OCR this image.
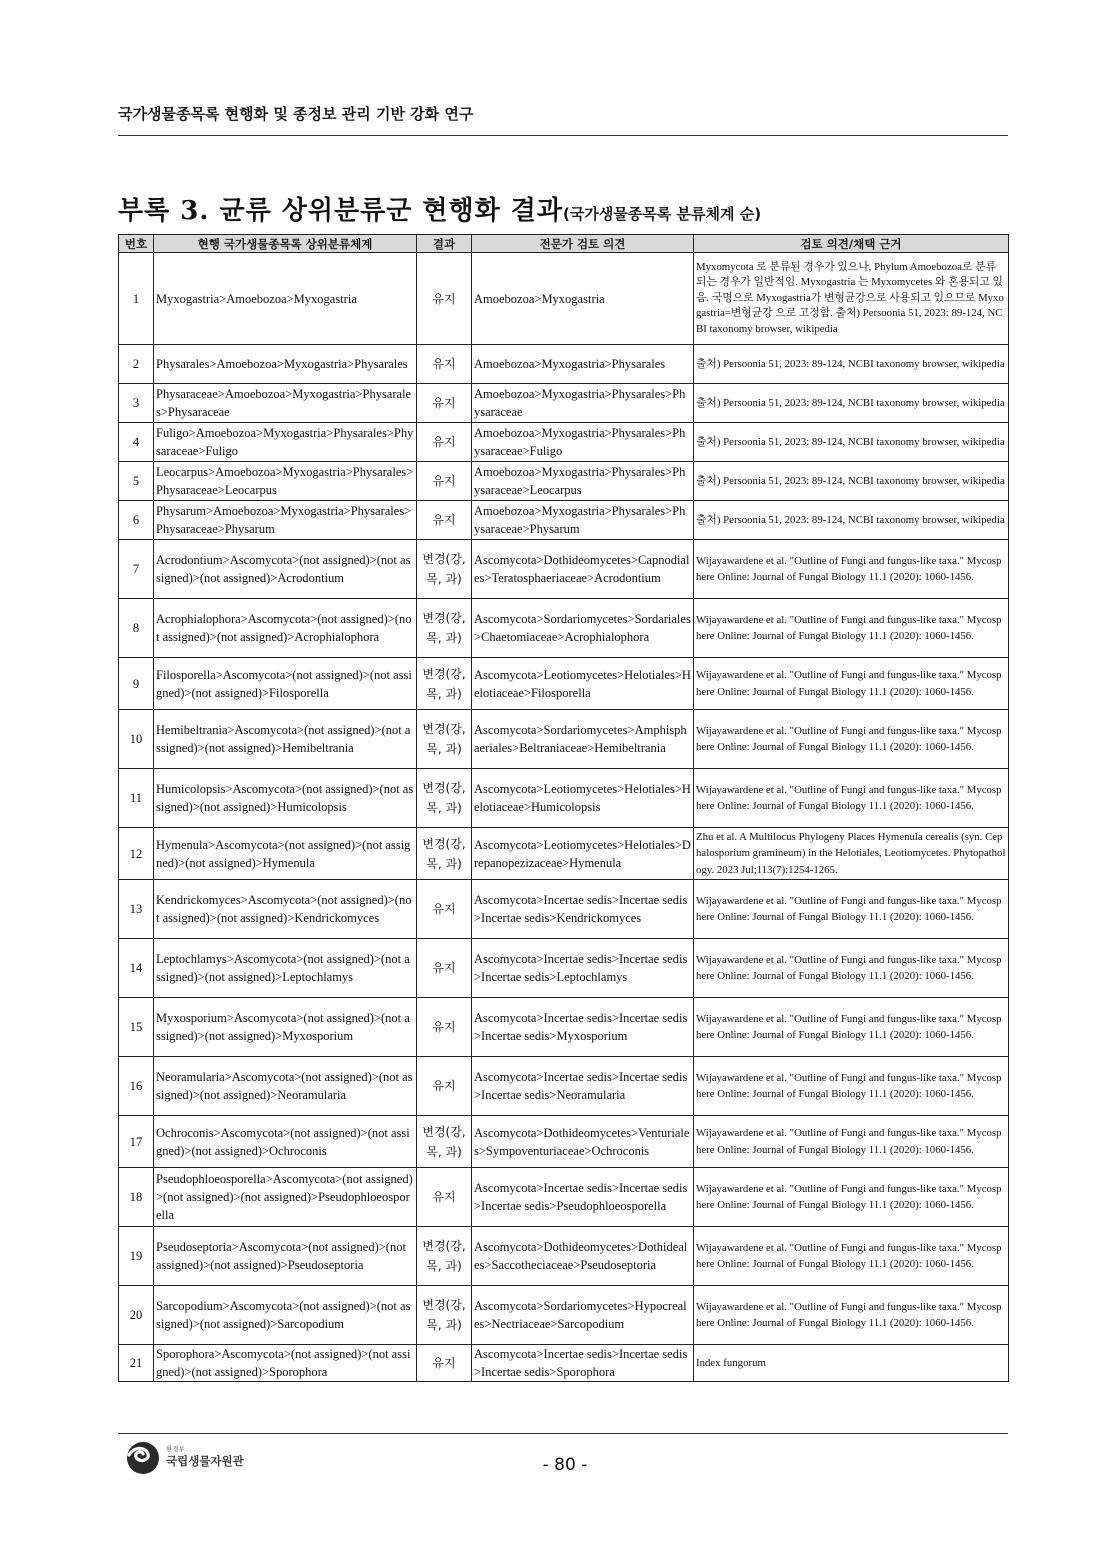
국가생물종목록 현행화 및 종정보 관리 기반 강화 연구
부록 3. 균류 상위분류군 현행화 결과(국가생물종목록 분류체계 순)
번호	현행 국가생물종목록 상위분류체계	결과	전문가 검토 의견	검토 의견/채택 근거
1	Myxogastria>Amoebozoa>Myxogastria	유지	Amoebozoa>Myxogastria	Myxomycota 로 분류된 경우가 있으나, Phylum Amoebozoa로 분류되는 경우가 일반적임. Myxogastria 는 Myxomycetes 와 혼용되고 있음. 국명으로 Myxogastria가 변형균강으로 사용되고 있으므로 Myxogastria=변형균강 으로 고정함. 출처) Persoonia 51, 2023: 89-124, NCBI taxonomy browser, wikipedia
2	Physarales>Amoebozoa>Myxogastria>Physarales	유지	Amoebozoa>Myxogastria>Physarales	출처) Persoonia 51, 2023: 89-124, NCBI taxonomy browser, wikipedia
3	Physaraceae>Amoebozoa>Myxogastria>Physarales>Physaraceae	유지	Amoebozoa>Myxogastria>Physarales>Physaraceae	출처) Persoonia 51, 2023: 89-124, NCBI taxonomy browser, wikipedia
4	Fuligo>Amoebozoa>Myxogastria>Physarales>Physaraceae>Fuligo	유지	Amoebozoa>Myxogastria>Physarales>Physaraceae>Fuligo	출처) Persoonia 51, 2023: 89-124, NCBI taxonomy browser, wikipedia
5	Leocarpus>Amoebozoa>Myxogastria>Physarales>Physaraceae>Leocarpus	유지	Amoebozoa>Myxogastria>Physarales>Physaraceae>Leocarpus	출처) Persoonia 51, 2023: 89-124, NCBI taxonomy browser, wikipedia
6	Physarum>Amoebozoa>Myxogastria>Physarales>Physaraceae>Physarum	유지	Amoebozoa>Myxogastria>Physarales>Physaraceae>Physarum	출처) Persoonia 51, 2023: 89-124, NCBI taxonomy browser, wikipedia
7	Acrodontium>Ascomycota>(not assigned)>(not assigned)>(not assigned)>Acrodontium	변경(강, 목, 과)	Ascomycota>Dothideomycetes>Capnodiales>Teratosphaeriaceae>Acrodontium	Wijayawardene et al. "Outline of Fungi and fungus-like taxa." Mycosphere Online: Journal of Fungal Biology 11.1 (2020): 1060-1456.
8	Acrophialophora>Ascomycota>(not assigned)>(not assigned)>(not assigned)>Acrophialophora	변경(강, 목, 과)	Ascomycota>Sordariomycetes>Sordariales>Chaetomiaceae>Acrophialophora	Wijayawardene et al. "Outline of Fungi and fungus-like taxa." Mycosphere Online: Journal of Fungal Biology 11.1 (2020): 1060-1456.
9	Filosporella>Ascomycota>(not assigned)>(not assigned)>(not assigned)>Filosporella	변경(강, 목, 과)	Ascomycota>Leotiomycetes>Helotiales>Helotiaceae>Filosporella	Wijayawardene et al. "Outline of Fungi and fungus-like taxa." Mycosphere Online: Journal of Fungal Biology 11.1 (2020): 1060-1456.
10	Hemibeltrania>Ascomycota>(not assigned)>(not assigned)>(not assigned)>Hemibeltrania	변경(강, 목, 과)	Ascomycota>Sordariomycetes>Amphisphaeriales>Beltraniaceae>Hemibeltrania	Wijayawardene et al. "Outline of Fungi and fungus-like taxa." Mycosphere Online: Journal of Fungal Biology 11.1 (2020): 1060-1456.
11	Humicolopsis>Ascomycota>(not assigned)>(not assigned)>(not assigned)>Humicolopsis	변경(강, 목, 과)	Ascomycota>Leotiomycetes>Helotiales>Helotiaceae>Humicolopsis	Wijayawardene et al. "Outline of Fungi and fungus-like taxa." Mycosphere Online: Journal of Fungal Biology 11.1 (2020): 1060-1456.
12	Hymenula>Ascomycota>(not assigned)>(not assigned)>(not assigned)>Hymenula	변경(강, 목, 과)	Ascomycota>Leotiomycetes>Helotiales>Drepanopezizaceae>Hymenula	Zhu et al. A Multilocus Phylogeny Places Hymenula cerealis (syn. Cephalosporium gramineum) in the Helotiales, Leotiomycetes. Phytopathology. 2023 Jul;113(7):1254-1265.
13	Kendrickomyces>Ascomycota>(not assigned)>(not assigned)>(not assigned)>Kendrickomyces	유지	Ascomycota>Incertae sedis>Incertae sedis>Incertae sedis>Kendrickomyces	Wijayawardene et al. "Outline of Fungi and fungus-like taxa." Mycosphere Online: Journal of Fungal Biology 11.1 (2020): 1060-1456.
14	Leptochlamys>Ascomycota>(not assigned)>(not assigned)>(not assigned)>Leptochlamys	유지	Ascomycota>Incertae sedis>Incertae sedis>Incertae sedis>Leptochlamys	Wijayawardene et al. "Outline of Fungi and fungus-like taxa." Mycosphere Online: Journal of Fungal Biology 11.1 (2020): 1060-1456.
15	Myxosporium>Ascomycota>(not assigned)>(not assigned)>(not assigned)>Myxosporium	유지	Ascomycota>Incertae sedis>Incertae sedis>Incertae sedis>Myxosporium	Wijayawardene et al. "Outline of Fungi and fungus-like taxa." Mycosphere Online: Journal of Fungal Biology 11.1 (2020): 1060-1456.
16	Neoramularia>Ascomycota>(not assigned)>(not assigned)>(not assigned)>Neoramularia	유지	Ascomycota>Incertae sedis>Incertae sedis>Incertae sedis>Neoramularia	Wijayawardene et al. "Outline of Fungi and fungus-like taxa." Mycosphere Online: Journal of Fungal Biology 11.1 (2020): 1060-1456.
17	Ochroconis>Ascomycota>(not assigned)>(not assigned)>(not assigned)>Ochroconis	변경(강, 목, 과)	Ascomycota>Dothideomycetes>Venturiales>Sympoventuriaceae>Ochroconis	Wijayawardene et al. "Outline of Fungi and fungus-like taxa." Mycosphere Online: Journal of Fungal Biology 11.1 (2020): 1060-1456.
18	Pseudophloeosporella>Ascomycota>(not assigned)>(not assigned)>(not assigned)>Pseudophloeosporella	유지	Ascomycota>Incertae sedis>Incertae sedis>Incertae sedis>Pseudophloeosporella	Wijayawardene et al. "Outline of Fungi and fungus-like taxa." Mycosphere Online: Journal of Fungal Biology 11.1 (2020): 1060-1456.
19	Pseudoseptoria>Ascomycota>(not assigned)>(not assigned)>(not assigned)>Pseudoseptoria	변경(강, 목, 과)	Ascomycota>Dothideomycetes>Dothideales>Saccotheciaceae>Pseudoseptoria	Wijayawardene et al. "Outline of Fungi and fungus-like taxa." Mycosphere Online: Journal of Fungal Biology 11.1 (2020): 1060-1456.
20	Sarcopodium>Ascomycota>(not assigned)>(not assigned)>(not assigned)>Sarcopodium	변경(강, 목, 과)	Ascomycota>Sordariomycetes>Hypocreales>Nectriaceae>Sarcopodium	Wijayawardene et al. "Outline of Fungi and fungus-like taxa." Mycosphere Online: Journal of Fungal Biology 11.1 (2020): 1060-1456.
21	Sporophora>Ascomycota>(not assigned)>(not assigned)>(not assigned)>Sporophora	유지	Ascomycota>Incertae sedis>Incertae sedis>Incertae sedis>Sporophora	Index fungorum
환경부
국립생물자원관	- 80 -
